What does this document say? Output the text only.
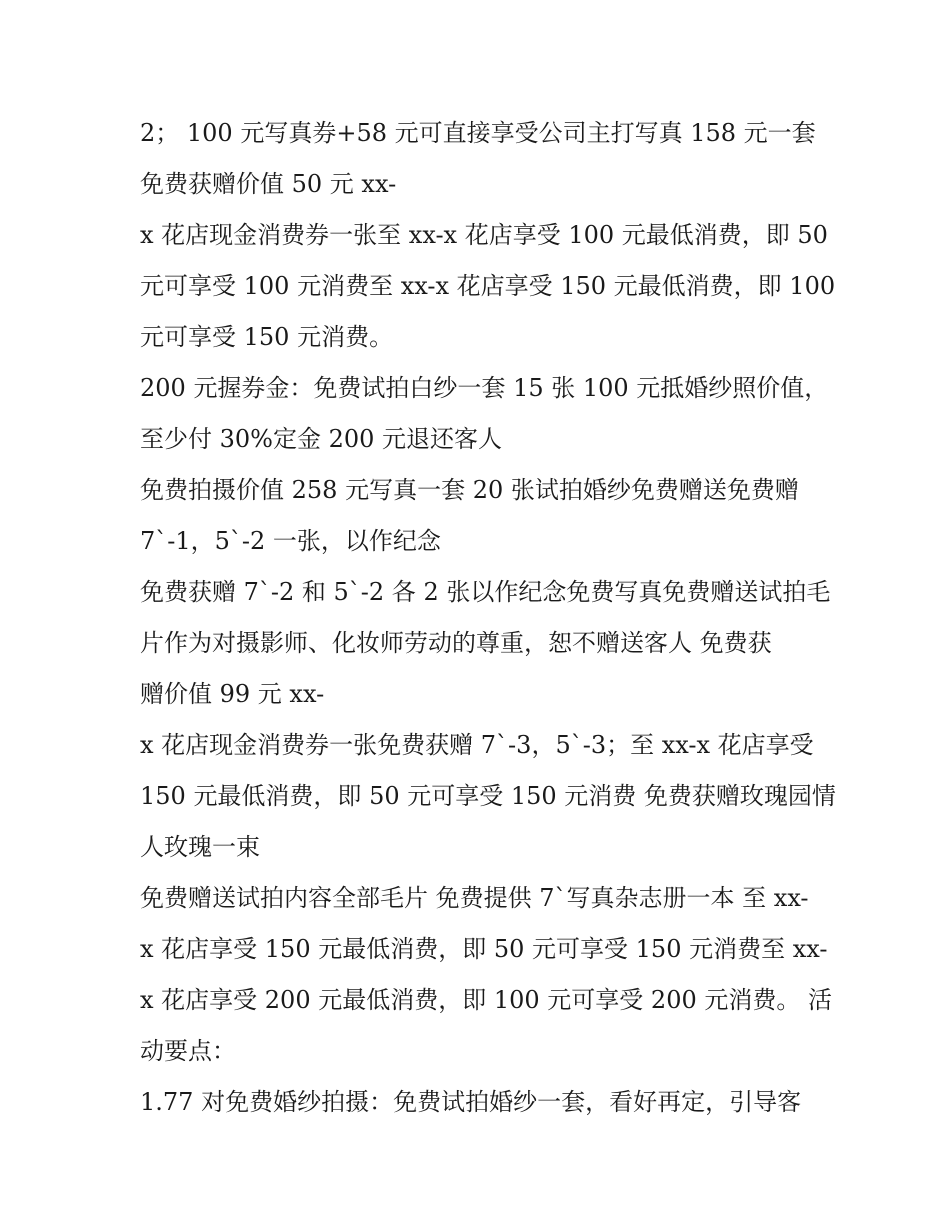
2； 100 元写真券+58 元可直接享受公司主打写真 158 元一套
免费获赠价值 50 元 xx-
x 花店现金消费券一张至 xx-x 花店享受 100 元最低消费，即 50
元可享受 100 元消费至 xx-x 花店享受 150 元最低消费，即 100
元可享受 150 元消费。
200 元握券金：免费试拍白纱一套 15 张 100 元抵婚纱照价值，
至少付 30%定金 200 元退还客人
免费拍摄价值 258 元写真一套 20 张试拍婚纱免费赠送免费赠
7`-1，5`-2 一张，以作纪念
免费获赠 7`-2 和 5`-2 各 2 张以作纪念免费写真免费赠送试拍毛
片作为对摄影师、化妆师劳动的尊重，恕不赠送客人 免费获
赠价值 99 元 xx-
x 花店现金消费券一张免费获赠 7`-3，5`-3；至 xx-x 花店享受
150 元最低消费，即 50 元可享受 150 元消费 免费获赠玫瑰园情
人玫瑰一束
免费赠送试拍内容全部毛片 免费提供 7`写真杂志册一本 至 xx-
x 花店享受 150 元最低消费，即 50 元可享受 150 元消费至 xx-
x 花店享受 200 元最低消费，即 100 元可享受 200 元消费。 活
动要点：
1.77 对免费婚纱拍摄：免费试拍婚纱一套，看好再定，引导客
